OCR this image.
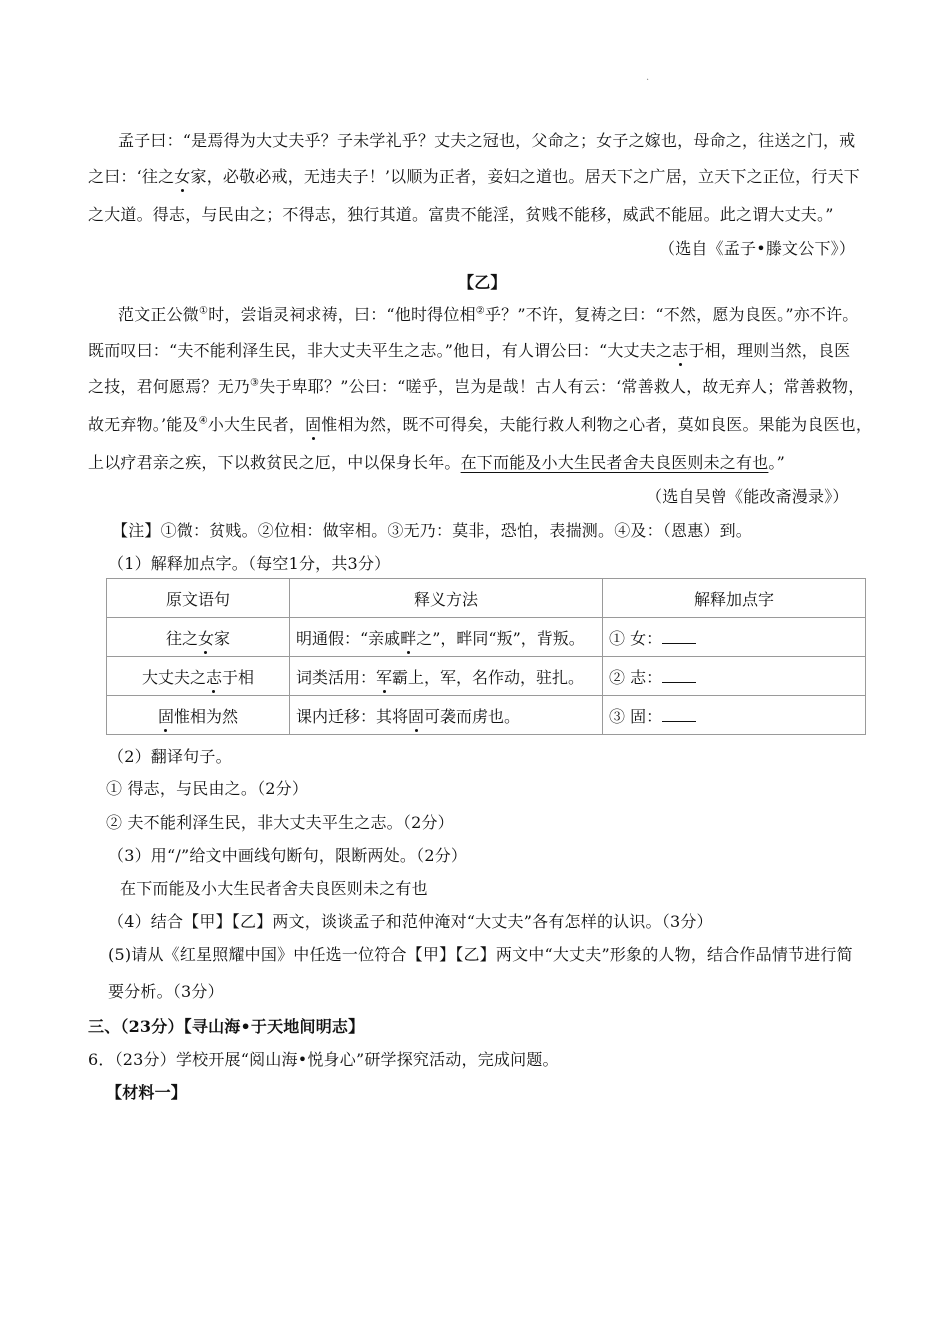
.
孟子曰：“是焉得为大丈夫乎？子未学礼乎？丈夫之冠也，父命之；女子之嫁也，母命之，往送之门，戒
之曰：‘往之女家，必敬必戒，无违夫子！’以顺为正者，妾妇之道也。居天下之广居，立天下之正位，行天下
之大道。得志，与民由之；不得志，独行其道。富贵不能淫，贫贱不能移，威武不能屈。此之谓大丈夫。”
（选自《孟子•滕文公下》）
【乙】
范文正公微①时，尝诣灵祠求祷，曰：“他时得位相②乎？”不许，复祷之曰：“不然，愿为良医。”亦不许。
既而叹曰：“夫不能利泽生民，非大丈夫平生之志。”他日，有人谓公曰：“大丈夫之志于相，理则当然，良医
之技，君何愿焉？无乃③失于卑耶？”公曰：“嗟乎，岂为是哉！古人有云：‘常善救人，故无弃人；常善救物，
故无弃物。’能及④小大生民者，固惟相为然，既不可得矣，夫能行救人利物之心者，莫如良医。果能为良医也，
上以疗君亲之疾，下以救贫民之厄，中以保身长年。在下而能及小大生民者舍夫良医则未之有也。”
（选自吴曾《能改斋漫录》）
【注】①微：贫贱。②位相：做宰相。③无乃：莫非，恐怕，表揣测。④及：（恩惠）到。
（1）解释加点字。（每空1分，共3分）
原文语句	释义方法	解释加点字
往之女家	明通假：“亲戚畔之”，畔同“叛”，背叛。	① 女：
大丈夫之志于相	词类活用：军霸上，军，名作动，驻扎。	② 志：
固惟相为然	课内迁移：其将固可袭而虏也。	③ 固：
（2）翻译句子。
① 得志，与民由之。（2分）
② 夫不能利泽生民，非大丈夫平生之志。（2分）
（3）用“/”给文中画线句断句，限断两处。（2分）
在下而能及小大生民者舍夫良医则未之有也
（4）结合【甲】【乙】两文，谈谈孟子和范仲淹对“大丈夫”各有怎样的认识。（3分）
(5)请从《红星照耀中国》中任选一位符合【甲】【乙】两文中“大丈夫”形象的人物，结合作品情节进行简
要分析。（3分）
三、（23分）【寻山海•于天地间明志】
6．（23分）学校开展“阅山海•悦身心”研学探究活动，完成问题。
【材料一】
